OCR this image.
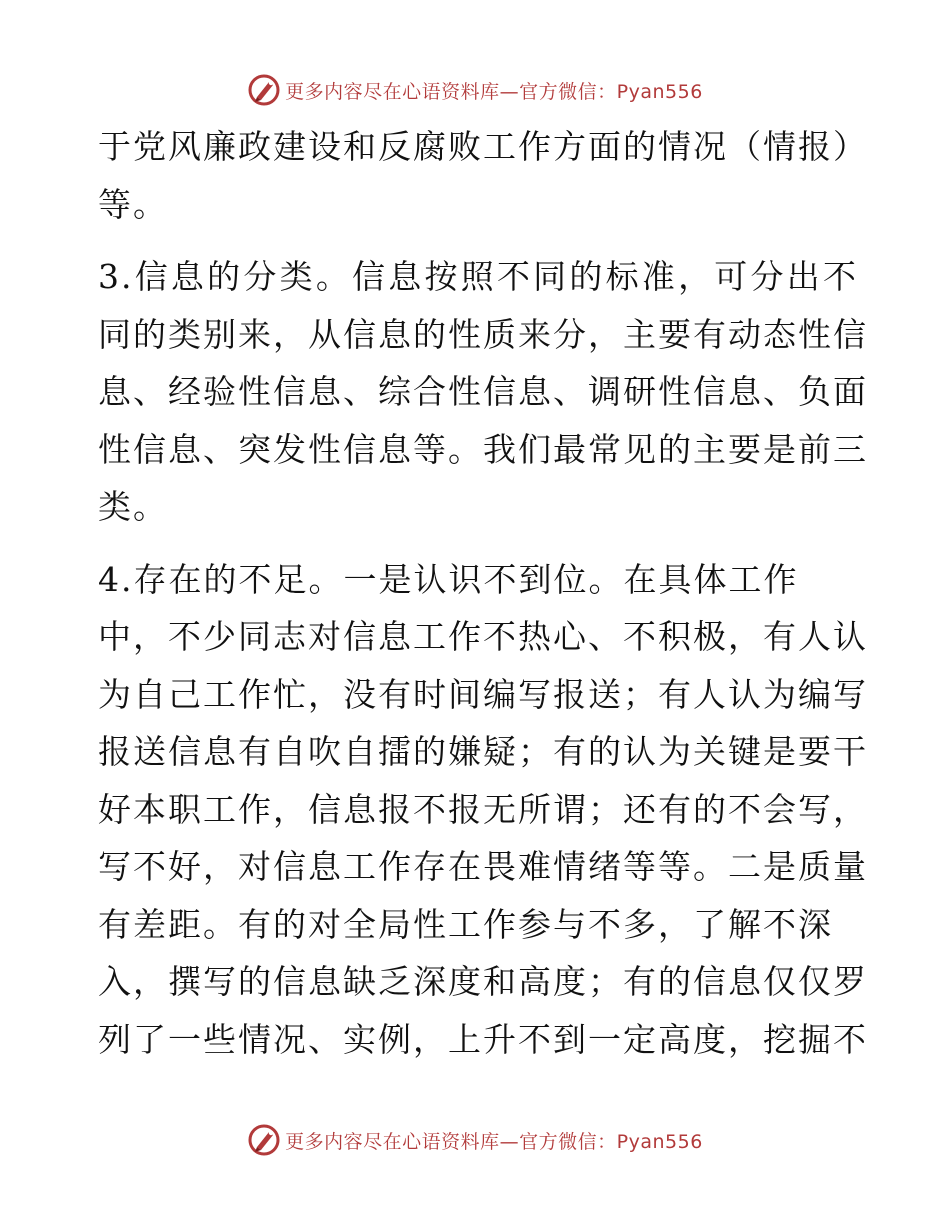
更多内容尽在心语资料库—官方微信：Pyan556

于党风廉政建设和反腐败工作方面的情况（情报）
等。

3.信息的分类。信息按照不同的标准，可分出不
同的类别来，从信息的性质来分，主要有动态性信
息、经验性信息、综合性信息、调研性信息、负面
性信息、突发性信息等。我们最常见的主要是前三
类。

4.存在的不足。一是认识不到位。在具体工作
中，不少同志对信息工作不热心、不积极，有人认
为自己工作忙，没有时间编写报送；有人认为编写
报送信息有自吹自擂的嫌疑；有的认为关键是要干
好本职工作，信息报不报无所谓；还有的不会写，
写不好，对信息工作存在畏难情绪等等。二是质量
有差距。有的对全局性工作参与不多，了解不深
入，撰写的信息缺乏深度和高度；有的信息仅仅罗
列了一些情况、实例，上升不到一定高度，挖掘不

更多内容尽在心语资料库—官方微信：Pyan556
